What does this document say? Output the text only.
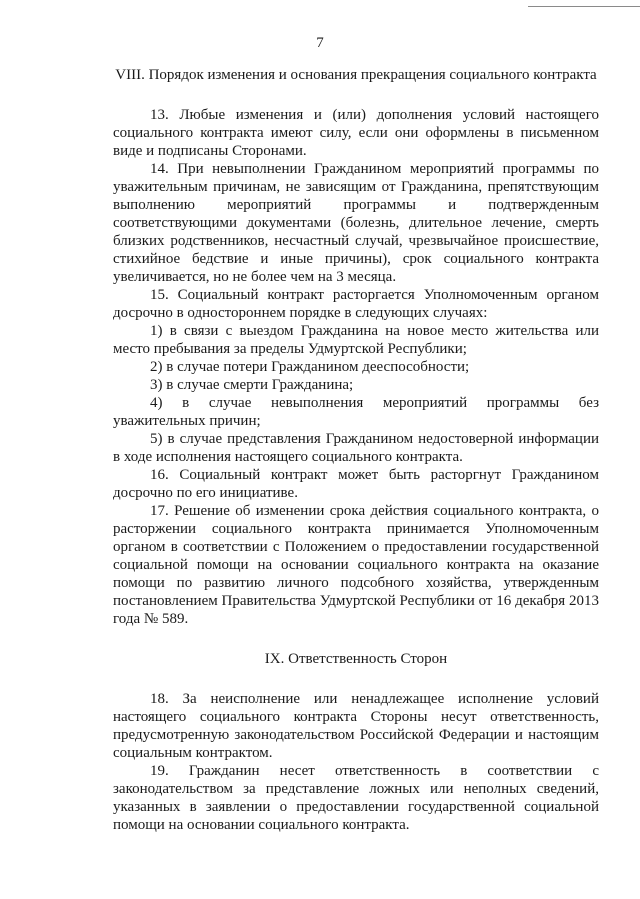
7

VIII. Порядок изменения и основания прекращения социального контракта

13. Любые изменения и (или) дополнения условий настоящего социального контракта имеют силу, если они оформлены в письменном виде и подписаны Сторонами.

14. При невыполнении Гражданином мероприятий программы по уважительным причинам, не зависящим от Гражданина, препятствующим выполнению мероприятий программы и подтвержденным соответствующими документами (болезнь, длительное лечение, смерть близких родственников, несчастный случай, чрезвычайное происшествие, стихийное бедствие и иные причины), срок социального контракта увеличивается, но не более чем на 3 месяца.

15. Социальный контракт расторгается Уполномоченным органом досрочно в одностороннем порядке в следующих случаях:

1) в связи с выездом Гражданина на новое место жительства или место пребывания за пределы Удмуртской Республики;

2) в случае потери Гражданином дееспособности;

3) в случае смерти Гражданина;

4) в случае невыполнения мероприятий программы без уважительных причин;

5) в случае представления Гражданином недостоверной информации в ходе исполнения настоящего социального контракта.

16. Социальный контракт может быть расторгнут Гражданином досрочно по его инициативе.

17. Решение об изменении срока действия социального контракта, о расторжении социального контракта принимается Уполномоченным органом в соответствии с Положением о предоставлении государственной социальной помощи на основании социального контракта на оказание помощи по развитию личного подсобного хозяйства, утвержденным постановлением Правительства Удмуртской Республики от 16 декабря 2013 года № 589.

IX. Ответственность Сторон

18. За неисполнение или ненадлежащее исполнение условий настоящего социального контракта Стороны несут ответственность, предусмотренную законодательством Российской Федерации и настоящим социальным контрактом.

19. Гражданин несет ответственность в соответствии с законодательством за представление ложных или неполных сведений, указанных в заявлении о предоставлении государственной социальной помощи на основании социального контракта.
